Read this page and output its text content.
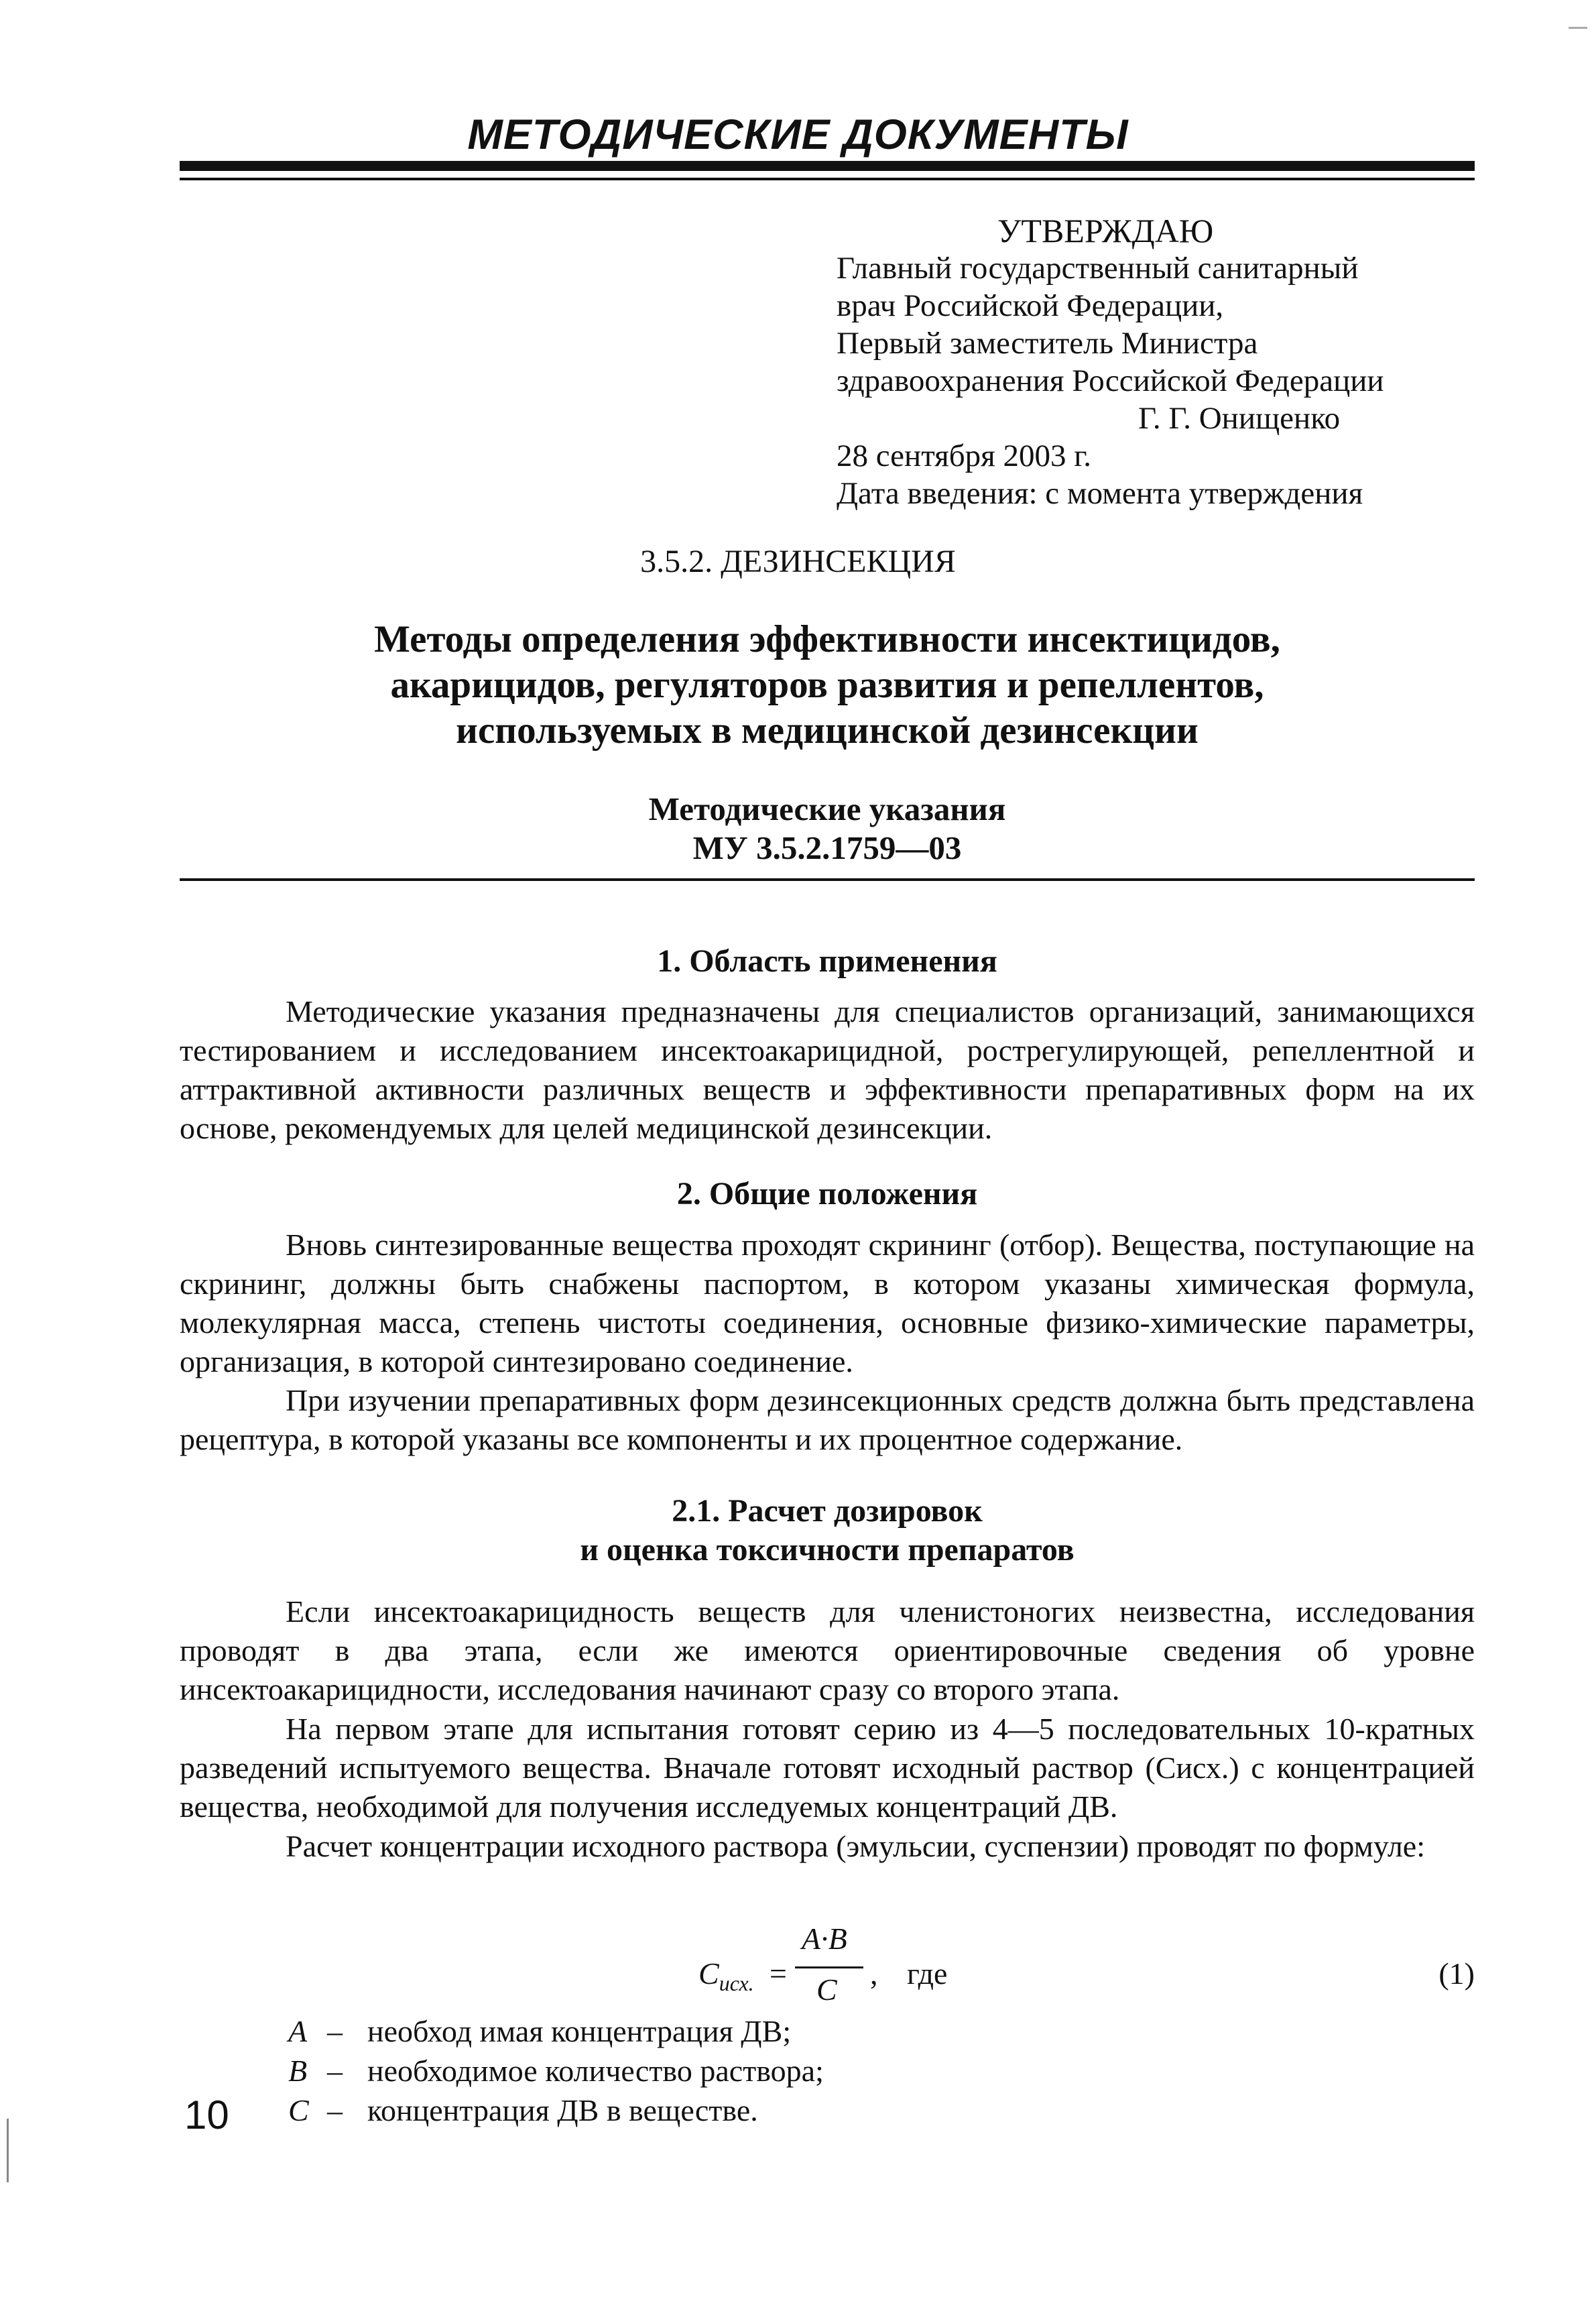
МЕТОДИЧЕСКИЕ ДОКУМЕНТЫ
УТВЕРЖДАЮ
Главный государственный санитарный
врач Российской Федерации,
Первый заместитель Министра
здравоохранения Российской Федерации
Г. Г. Онищенко
28 сентября 2003 г.
Дата введения: с момента утверждения
3.5.2. ДЕЗИНСЕКЦИЯ
Методы определения эффективности инсектицидов,
акарицидов, регуляторов развития и репеллентов,
используемых в медицинской дезинсекции
Методические указания
МУ 3.5.2.1759—03
1. Область применения
Методические указания предназначены для специалистов организаций, занимающихся тестированием и исследованием инсектоакарицидной, рострегулирующей, репеллентной и аттрактивной активности различных веществ и эффективности препаративных форм на их основе, рекомендуемых для целей медицинской дезинсекции.
2. Общие положения
Вновь синтезированные вещества проходят скрининг (отбор). Вещества, поступающие на скрининг, должны быть снабжены паспортом, в котором указаны химическая формула, молекулярная масса, степень чистоты соединения, основные физико-химические параметры, организация, в которой синтезировано соединение.
При изучении препаративных форм дезинсекционных средств должна быть представлена рецептура, в которой указаны все компоненты и их процентное содержание.
2.1. Расчет дозировок
и оценка токсичности препаратов
Если инсектоакарицидность веществ для членистоногих неизвестна, исследования проводят в два этапа, если же имеются ориентировочные сведения об уровне инсектоакарицидности, исследования начинают сразу со второго этапа.
На первом этапе для испытания готовят серию из 4—5 последовательных 10-кратных разведений испытуемого вещества. Вначале готовят исходный раствор (Cисх.) с концентрацией вещества, необходимой для получения исследуемых концентраций ДВ.
Расчет концентрации исходного раствора (эмульсии, суспензии) проводят по формуле:
$C_{исх.}$ =
A·B
C , где	(1)
A – необход имая концентрация ДВ;
B – необходимое количество раствора;
C – концентрация ДВ в веществе.
10
